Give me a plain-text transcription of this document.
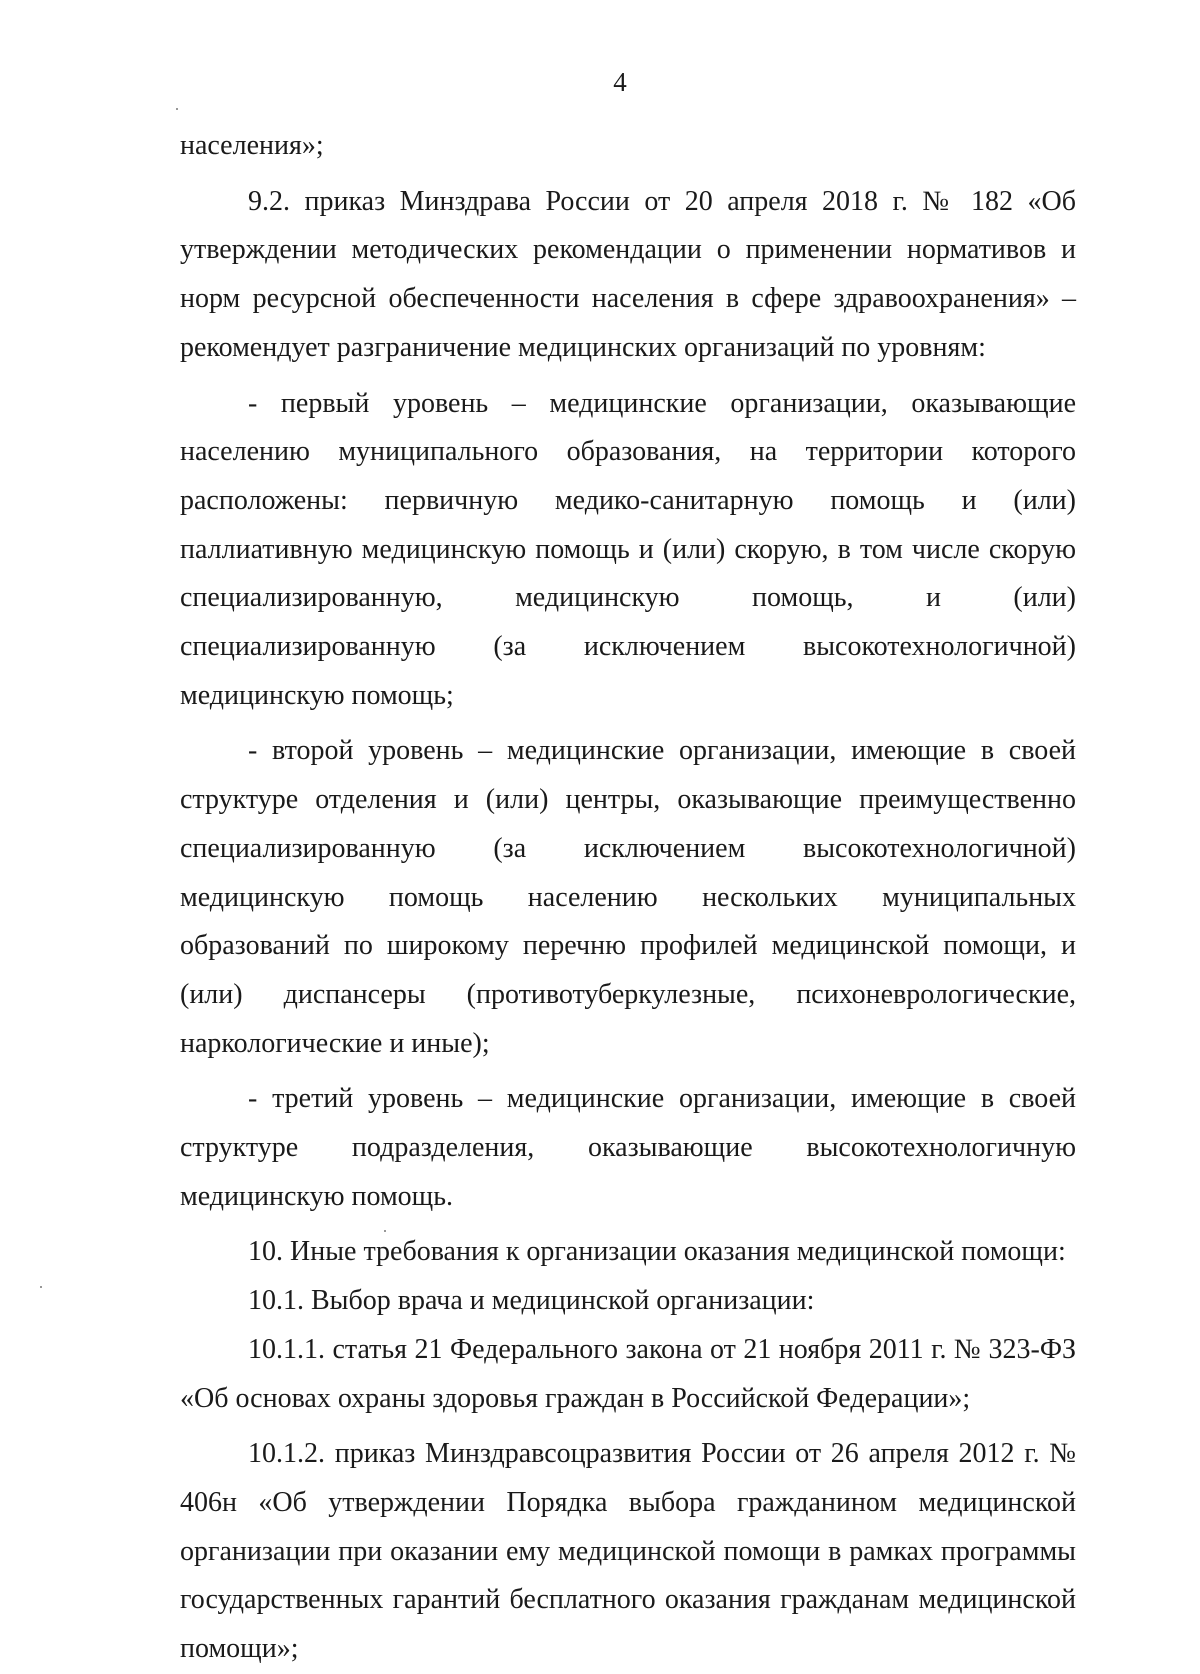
4

населения»;

9.2. приказ Минздрава России от 20 апреля 2018 г. № 182 «Об утверждении методических рекомендации о применении нормативов и норм ресурсной обеспеченности населения в сфере здравоохранения» – рекомендует разграничение медицинских организаций по уровням:

- первый уровень – медицинские организации, оказывающие населению муниципального образования, на территории которого расположены: первичную медико-санитарную помощь и (или) паллиативную медицинскую помощь и (или) скорую, в том числе скорую специализированную, медицинскую помощь, и (или) специализированную (за исключением высокотехнологичной) медицинскую помощь;

- второй уровень – медицинские организации, имеющие в своей структуре отделения и (или) центры, оказывающие преимущественно специализированную (за исключением высокотехнологичной) медицинскую помощь населению нескольких муниципальных образований по широкому перечню профилей медицинской помощи, и (или) диспансеры (противотуберкулезные, психоневрологические, наркологические и иные);

- третий уровень – медицинские организации, имеющие в своей структуре подразделения, оказывающие высокотехнологичную медицинскую помощь.

10. Иные требования к организации оказания медицинской помощи:

10.1. Выбор врача и медицинской организации:

10.1.1. статья 21 Федерального закона от 21 ноября 2011 г. № 323-ФЗ «Об основах охраны здоровья граждан в Российской Федерации»;

10.1.2. приказ Минздравсоцразвития России от 26 апреля 2012 г. № 406н «Об утверждении Порядка выбора гражданином медицинской организации при оказании ему медицинской помощи в рамках программы государственных гарантий бесплатного оказания гражданам медицинской помощи»;
